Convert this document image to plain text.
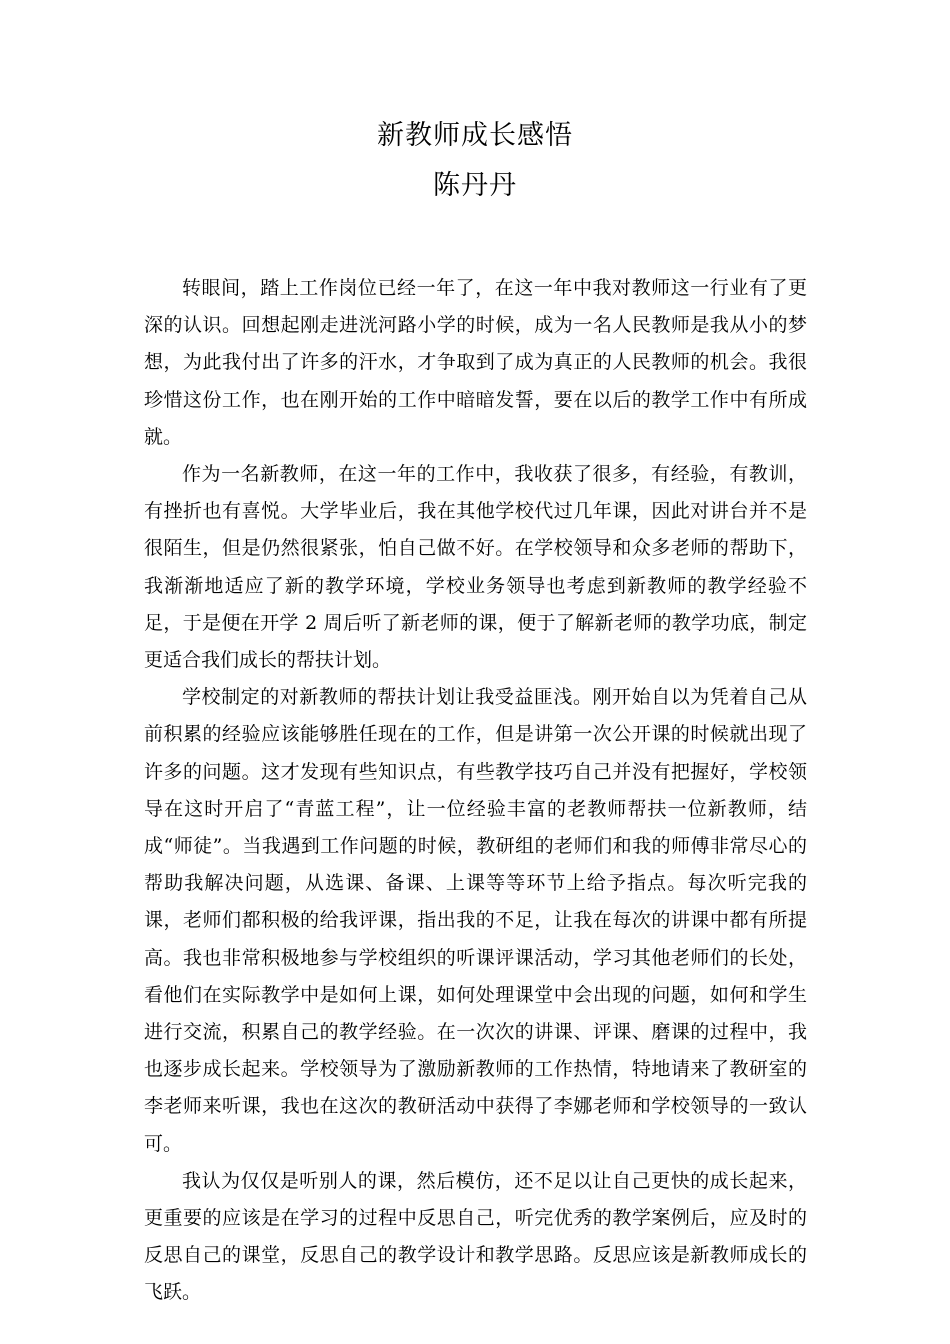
新教师成长感悟
陈丹丹

转眼间，踏上工作岗位已经一年了，在这一年中我对教师这一行业有了更深的认识。回想起刚走进洸河路小学的时候，成为一名人民教师是我从小的梦想，为此我付出了许多的汗水，才争取到了成为真正的人民教师的机会。我很珍惜这份工作，也在刚开始的工作中暗暗发誓，要在以后的教学工作中有所成就。

作为一名新教师，在这一年的工作中，我收获了很多，有经验，有教训，有挫折也有喜悦。大学毕业后，我在其他学校代过几年课，因此对讲台并不是很陌生，但是仍然很紧张，怕自己做不好。在学校领导和众多老师的帮助下，我渐渐地适应了新的教学环境，学校业务领导也考虑到新教师的教学经验不足，于是便在开学 2 周后听了新老师的课，便于了解新老师的教学功底，制定更适合我们成长的帮扶计划。

学校制定的对新教师的帮扶计划让我受益匪浅。刚开始自以为凭着自己从前积累的经验应该能够胜任现在的工作，但是讲第一次公开课的时候就出现了许多的问题。这才发现有些知识点，有些教学技巧自己并没有把握好，学校领导在这时开启了“青蓝工程”，让一位经验丰富的老教师帮扶一位新教师，结成“师徒”。当我遇到工作问题的时候，教研组的老师们和我的师傅非常尽心的帮助我解决问题，从选课、备课、上课等等环节上给予指点。每次听完我的课，老师们都积极的给我评课，指出我的不足，让我在每次的讲课中都有所提高。我也非常积极地参与学校组织的听课评课活动，学习其他老师们的长处，看他们在实际教学中是如何上课，如何处理课堂中会出现的问题，如何和学生进行交流，积累自己的教学经验。在一次次的讲课、评课、磨课的过程中，我也逐步成长起来。学校领导为了激励新教师的工作热情，特地请来了教研室的李老师来听课，我也在这次的教研活动中获得了李娜老师和学校领导的一致认可。

我认为仅仅是听别人的课，然后模仿，还不足以让自己更快的成长起来，更重要的应该是在学习的过程中反思自己，听完优秀的教学案例后，应及时的反思自己的课堂，反思自己的教学设计和教学思路。反思应该是新教师成长的飞跃。
